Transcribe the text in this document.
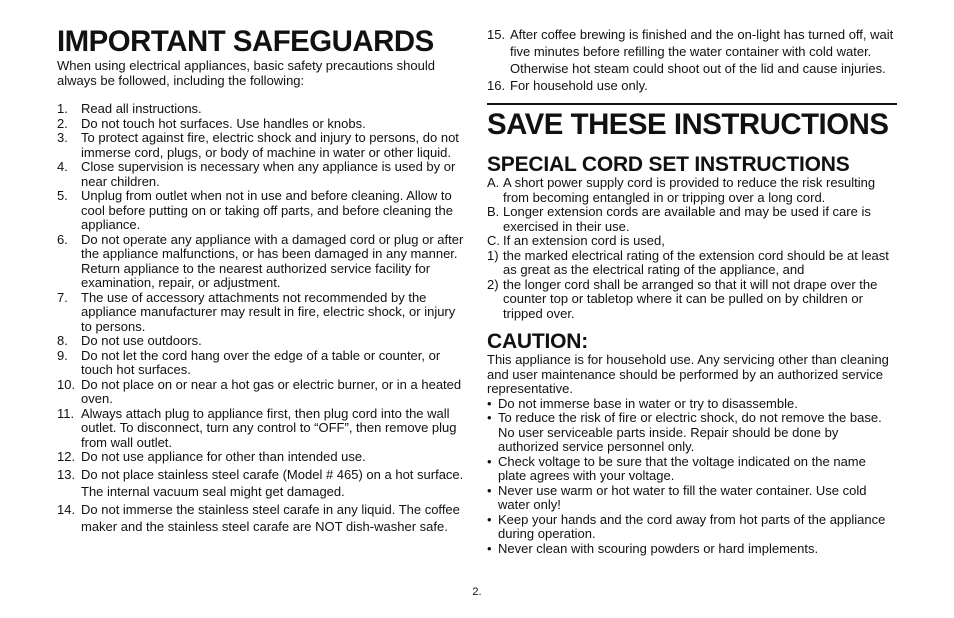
IMPORTANT SAFEGUARDS

When using electrical appliances, basic safety precautions should always be followed, including the following:

1. Read all instructions.
2. Do not touch hot surfaces. Use handles or knobs.
3. To protect against fire, electric shock and injury to persons, do not immerse cord, plugs, or body of machine in water or other liquid.
4. Close supervision is necessary when any appliance is used by or near children.
5. Unplug from outlet when not in use and before cleaning. Allow to cool before putting on or taking off parts, and before cleaning the appliance.
6. Do not operate any appliance with a damaged cord or plug or after the appliance malfunctions, or has been damaged in any manner. Return appliance to the nearest authorized service facility for examination, repair, or adjustment.
7. The use of accessory attachments not recommended by the appliance manufacturer may result in fire, electric shock, or injury to persons.
8. Do not use outdoors.
9. Do not let the cord hang over the edge of a table or counter, or touch hot surfaces.
10. Do not place on or near a hot gas or electric burner, or in a heated oven.
11. Always attach plug to appliance first, then plug cord into the wall outlet. To disconnect, turn any control to “OFF”, then remove plug from wall outlet.
12. Do not use appliance for other than intended use.
13. Do not place stainless steel carafe (Model # 465) on a hot surface. The internal vacuum seal might get damaged.
14. Do not immerse the stainless steel carafe in any liquid. The coffee maker and the stainless steel carafe are NOT dish-washer safe.
15. After coffee brewing is finished and the on-light has turned off, wait five minutes before refilling the water container with cold water. Otherwise hot steam could shoot out of the lid and cause injuries.
16. For household use only.
SAVE THESE INSTRUCTIONS
SPECIAL CORD SET INSTRUCTIONS
A. A short power supply cord is provided to reduce the risk resulting from becoming entangled in or tripping over a long cord.
B. Longer extension cords are available and may be used if care is exercised in their use.
C. If an extension cord is used,
1) the marked electrical rating of the extension cord should be at least as great as the electrical rating of the appliance, and
2) the longer cord shall be arranged so that it will not drape over the counter top or tabletop where it can be pulled on by children or tripped over.
CAUTION:

This appliance is for household use. Any servicing other than cleaning and user maintenance should be performed by an authorized service representative.

• Do not immerse base in water or try to disassemble.
• To reduce the risk of fire or electric shock, do not remove the base. No user serviceable parts inside. Repair should be done by authorized service personnel only.
• Check voltage to be sure that the voltage indicated on the name plate agrees with your voltage.
• Never use warm or hot water to fill the water container. Use cold water only!
• Keep your hands and the cord away from hot parts of the appliance during operation.
• Never clean with scouring powders or hard implements.
2.
